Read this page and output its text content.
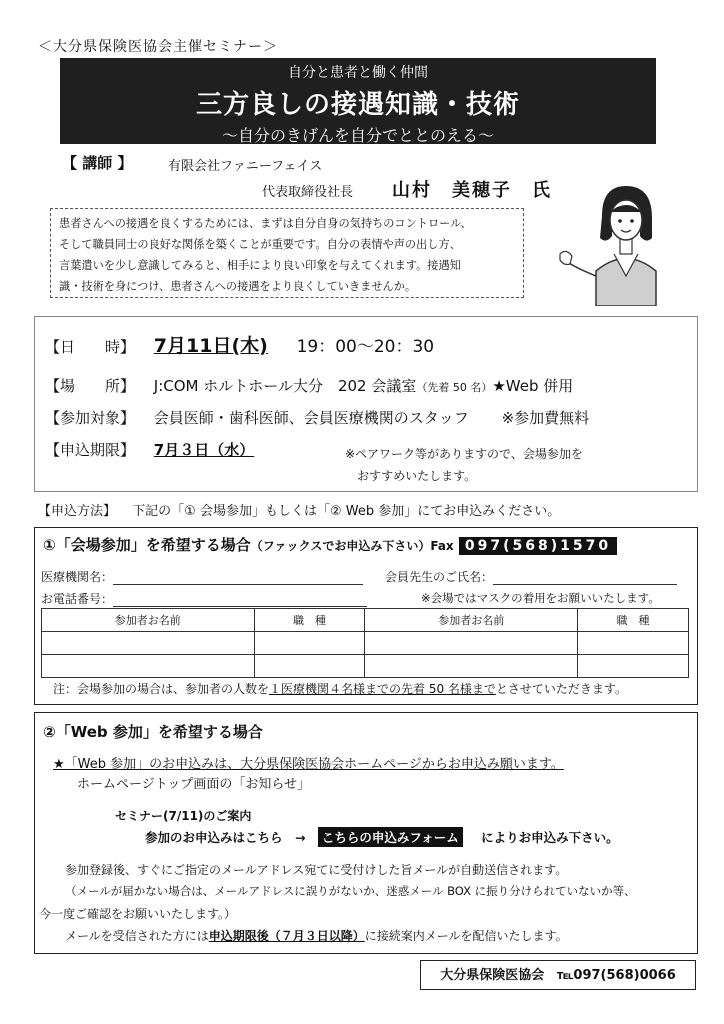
＜大分県保険医協会主催セミナー＞
自分と患者と働く仲間
三方良しの接遇知識・技術
～自分のきげんを自分でととのえる～
【 講師 】	有限会社ファニーフェイス
代表取締役社長 山村　美穂子　氏
患者さんへの接遇を良くするためには、まずは自分自身の気持ちのコントロール、
そして職員同士の良好な関係を築くことが重要です。自分の表情や声の出し方、
言葉遣いを少し意識してみると、相手により良い印象を与えてくれます。接遇知
識・技術を身につけ、患者さんへの接遇をより良くしていきませんか。
【日　　時】 7月11日(木) 19：00～20：30
【場　　所】 J:COM ホルトホール大分　202 会議室（先着 50 名）★Web 併用
【参加対象】 会員医師・歯科医師、会員医療機関のスタッフ ※参加費無料
【申込期限】 7月３日（水）	※ペアワーク等がありますので、会場参加を
おすすめいたします。
【申込方法】 下記の「① 会場参加」もしくは「② Web 参加」にてお申込みください。
①「会場参加」を希望する場合（ファックスでお申込み下さい）Fax 097(568)1570
医療機関名：	会員先生のご氏名：
お電話番号：	※会場ではマスクの着用をお願いいたします。
参加者お名前	職　種	参加者お名前	職　種

注：会場参加の場合は、参加者の人数を１医療機関４名様までの先着 50 名様までとさせていただきます。
②「Web 参加」を希望する場合
★「Web 参加」のお申込みは、大分県保険医協会ホームページからお申込み願います。
ホームページトップ画面の「お知らせ」
セミナー(7/11)のご案内
参加のお申込みはこちら　→ こちらの申込みフォーム によりお申込み下さい。
参加登録後、すぐにご指定のメールアドレス宛てに受付けした旨メールが自動送信されます。
（メールが届かない場合は、メールアドレスに誤りがないか、迷惑メール BOX に振り分けられていないか等、
今一度ご確認をお願いいたします。）
メールを受信された方には申込期限後（７月３日以降）に接続案内メールを配信いたします。
大分県保険医協会 ℡097(568)0066
